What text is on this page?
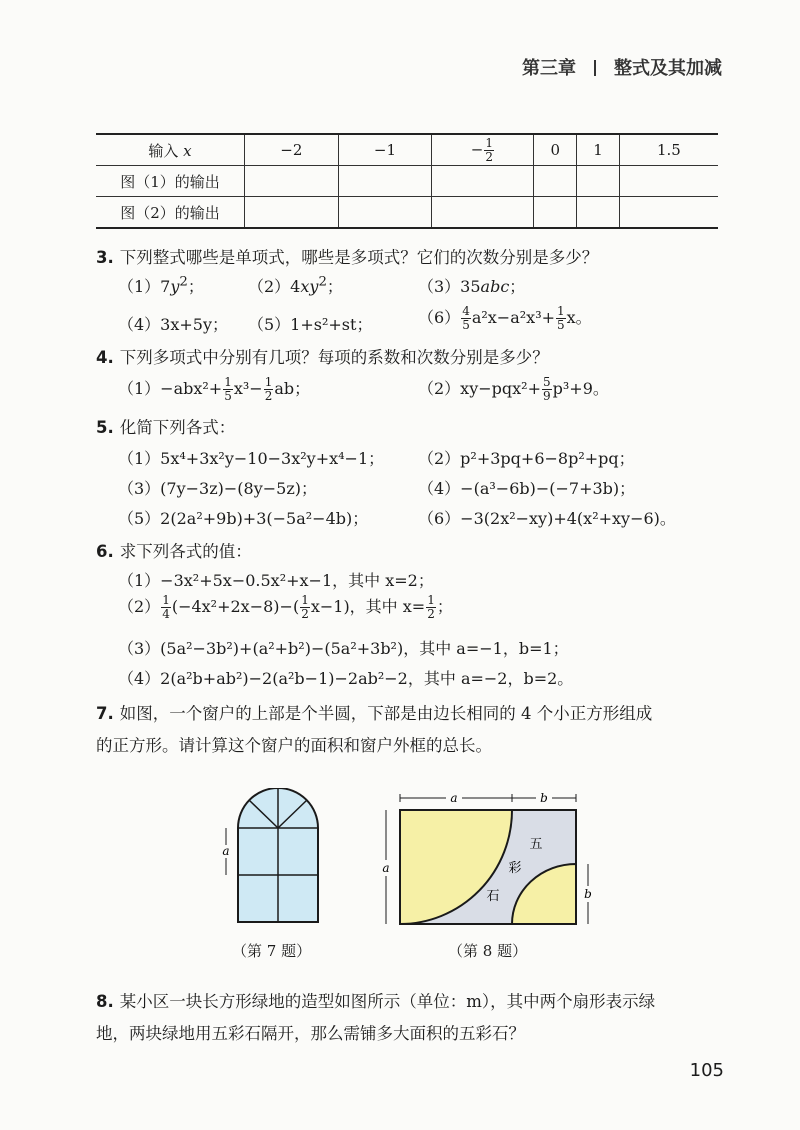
第三章 整式及其加减
输入 x	−2	−1	− $\frac{1}{2}$	0	1	1.5
图（1）的输出						
图（2）的输出						
3. 下列整式哪些是单项式，哪些是多项式？它们的次数分别是多少？
$(1)7y^2$；	$(2)4xy^2$；	（3）35abc；
（4）3x+5y； （5）1+s²+st；	$(6) \frac{4}{5} a^2x-a^2x^3+ \frac{1}{5}$ x。
4. 下列多项式中分别有几项？每项的系数和次数分别是多少？
$(1)-abx^2+ \frac{1}{5} x^3- \frac{1}{2}$ ab；	$(2)xy-pqx^2+ \frac{5}{9} p^3+9$。
5. 化简下列各式：
（1）5x⁴+3x²y−10−3x²y+x⁴−1； （2）p²+3pq+6−8p²+pq；
（3）(7y−3z)−(8y−5z)；	（4）−(a³−6b)−(−7+3b)；
（5）2(2a²+9b)+3(−5a²−4b)；	（6）−3(2x²−xy)+4(x²+xy−6)。
6. 求下列各式的值：
（1）−3x²+5x−0.5x²+x−1，其中 x=2；
$(2) \frac{1}{4} (-4x^2+2x-8)-( \frac{1}{2} x-1)$，其中 $x= \frac{1}{2}$ ；
（3）(5a²−3b²)+(a²+b²)−(5a²+3b²)，其中 a=−1，b=1；
（4）2(a²b+ab²)−2(a²b−1)−2ab²−2，其中 a=−2，b=2。
7. 如图，一个窗户的上部是个半圆，下部是由边长相同的 4 个小正方形组成
的正方形。请计算这个窗户的面积和窗户外框的总长。
a
（第 7 题）
a	b
a
b
五
彩
石
（第 8 题）
8. 某小区一块长方形绿地的造型如图所示（单位：m），其中两个扇形表示绿
地，两块绿地用五彩石隔开，那么需铺多大面积的五彩石？
105
